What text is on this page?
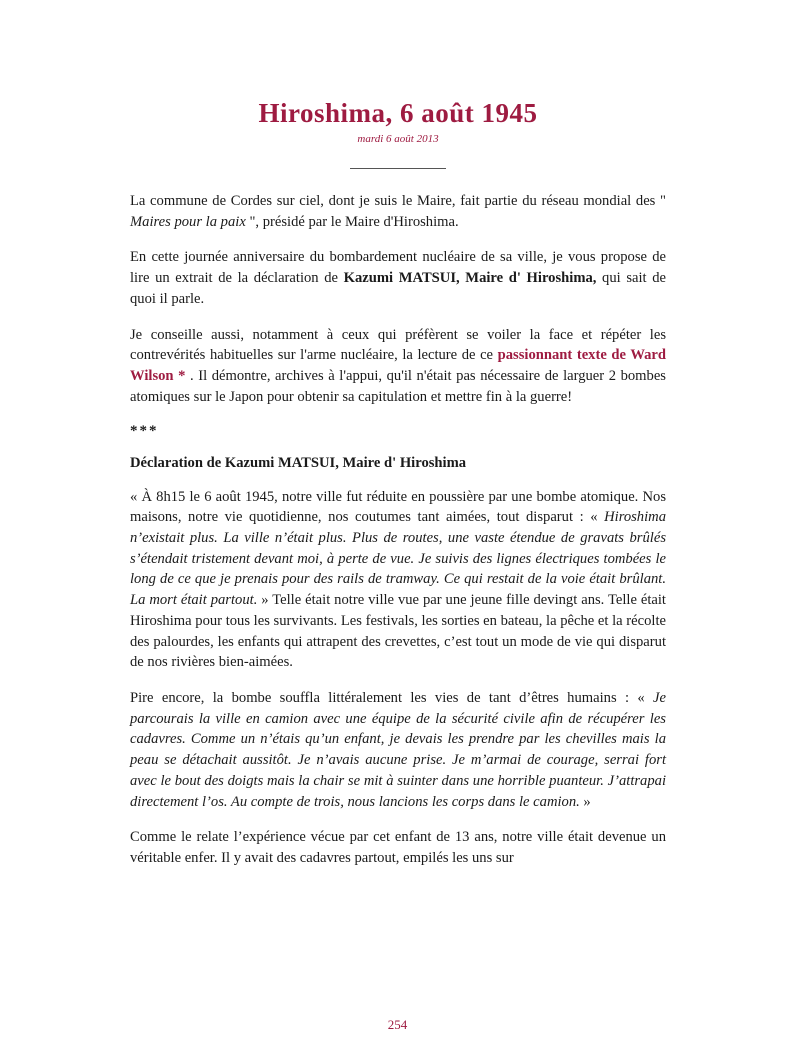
Hiroshima, 6 août 1945
mardi 6 août 2013

La commune de Cordes sur ciel, dont je suis le Maire, fait partie du réseau mondial des " Maires pour la paix ", présidé par le Maire d'Hiroshima.

En cette journée anniversaire du bombardement nucléaire de sa ville, je vous propose de lire un extrait de la déclaration de Kazumi MATSUI, Maire d' Hiroshima, qui sait de quoi il parle.

Je conseille aussi, notamment à ceux qui préfèrent se voiler la face et répéter les contrevérités habituelles sur l'arme nucléaire, la lecture de ce passionnant texte de Ward Wilson * . Il démontre, archives à l'appui, qu'il n'était pas nécessaire de larguer 2 bombes atomiques sur le Japon pour obtenir sa capitulation et mettre fin à la guerre!

***

Déclaration de Kazumi MATSUI, Maire d' Hiroshima

« À 8h15 le 6 août 1945, notre ville fut réduite en poussière par une bombe atomique. Nos maisons, notre vie quotidienne, nos coutumes tant aimées, tout disparut : « Hiroshima n’existait plus. La ville n’était plus. Plus de routes, une vaste étendue de gravats brûlés s’étendait tristement devant moi, à perte de vue. Je suivis des lignes électriques tombées le long de ce que je prenais pour des rails de tramway. Ce qui restait de la voie était brûlant. La mort était partout. » Telle était notre ville vue par une jeune fille devingt ans. Telle était Hiroshima pour tous les survivants. Les festivals, les sorties en bateau, la pêche et la récolte des palourdes, les enfants qui attrapent des crevettes, c’est tout un mode de vie qui disparut de nos rivières bien-aimées.

Pire encore, la bombe souffla littéralement les vies de tant d’êtres humains : « Je parcourais la ville en camion avec une équipe de la sécurité civile afin de récupérer les cadavres. Comme un n’étais qu’un enfant, je devais les prendre par les chevilles mais la peau se détachait aussitôt. Je n’avais aucune prise. Je m’armai de courage, serrai fort avec le bout des doigts mais la chair se mit à suinter dans une horrible puanteur. J’attrapai directement l’os. Au compte de trois, nous lancions les corps dans le camion. »

Comme le relate l’expérience vécue par cet enfant de 13 ans, notre ville était devenue un véritable enfer. Il y avait des cadavres partout, empilés les uns sur

254
